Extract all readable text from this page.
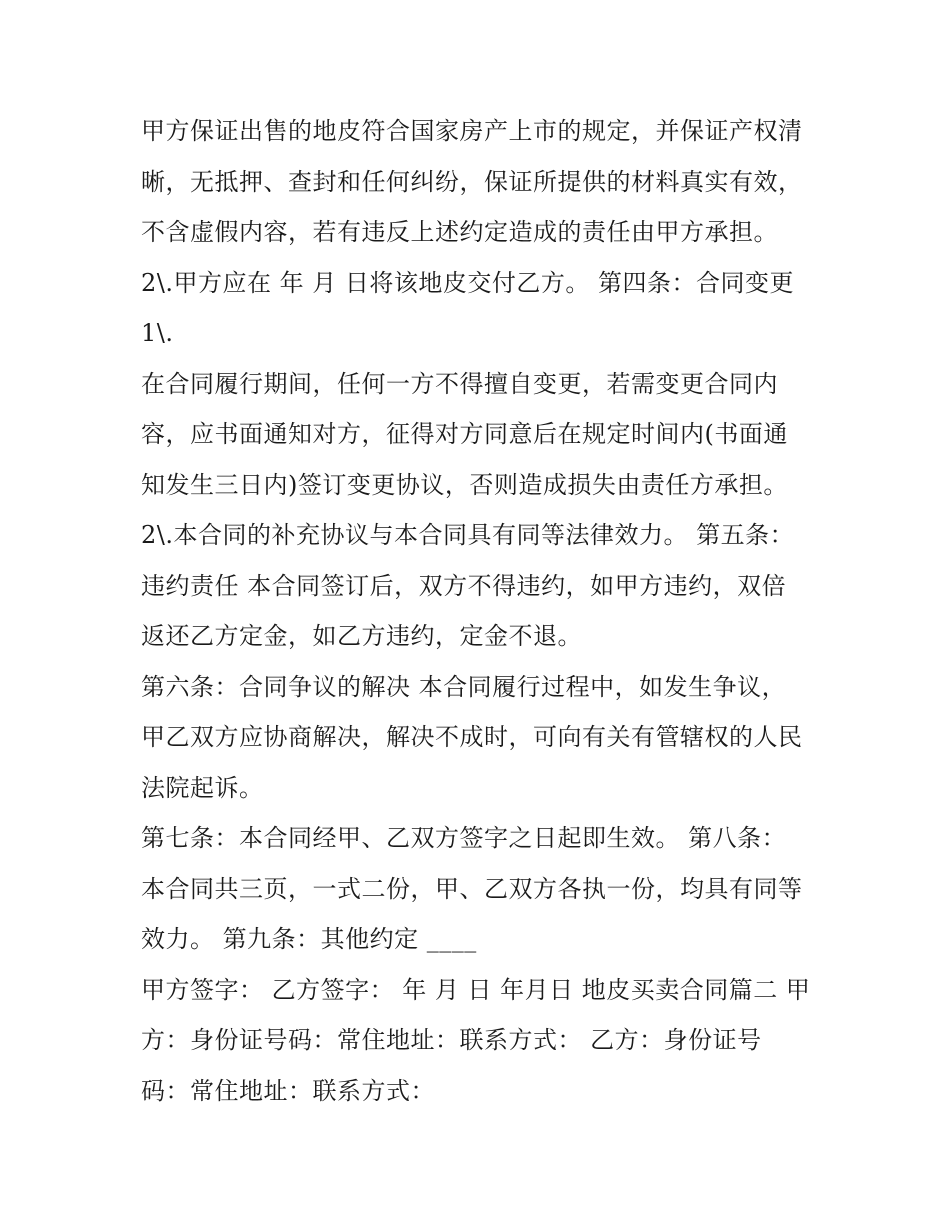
甲方保证出售的地皮符合国家房产上市的规定，并保证产权清
晰，无抵押、查封和任何纠纷，保证所提供的材料真实有效，
不含虚假内容，若有违反上述约定造成的责任由甲方承担。
2\.甲方应在 年 月 日将该地皮交付乙方。 第四条：合同变更
1\.
在合同履行期间，任何一方不得擅自变更，若需变更合同内
容，应书面通知对方，征得对方同意后在规定时间内(书面通
知发生三日内)签订变更协议，否则造成损失由责任方承担。
2\.本合同的补充协议与本合同具有同等法律效力。 第五条：
违约责任 本合同签订后，双方不得违约，如甲方违约，双倍
返还乙方定金，如乙方违约，定金不退。
第六条：合同争议的解决 本合同履行过程中，如发生争议，
甲乙双方应协商解决，解决不成时，可向有关有管辖权的人民
法院起诉。
第七条：本合同经甲、乙双方签字之日起即生效。 第八条：
本合同共三页，一式二份，甲、乙双方各执一份，均具有同等
效力。 第九条：其他约定 ____
甲方签字： 乙方签字： 年 月 日 年月日 地皮买卖合同篇二 甲
方：身份证号码：常住地址：联系方式： 乙方：身份证号
码：常住地址：联系方式：
